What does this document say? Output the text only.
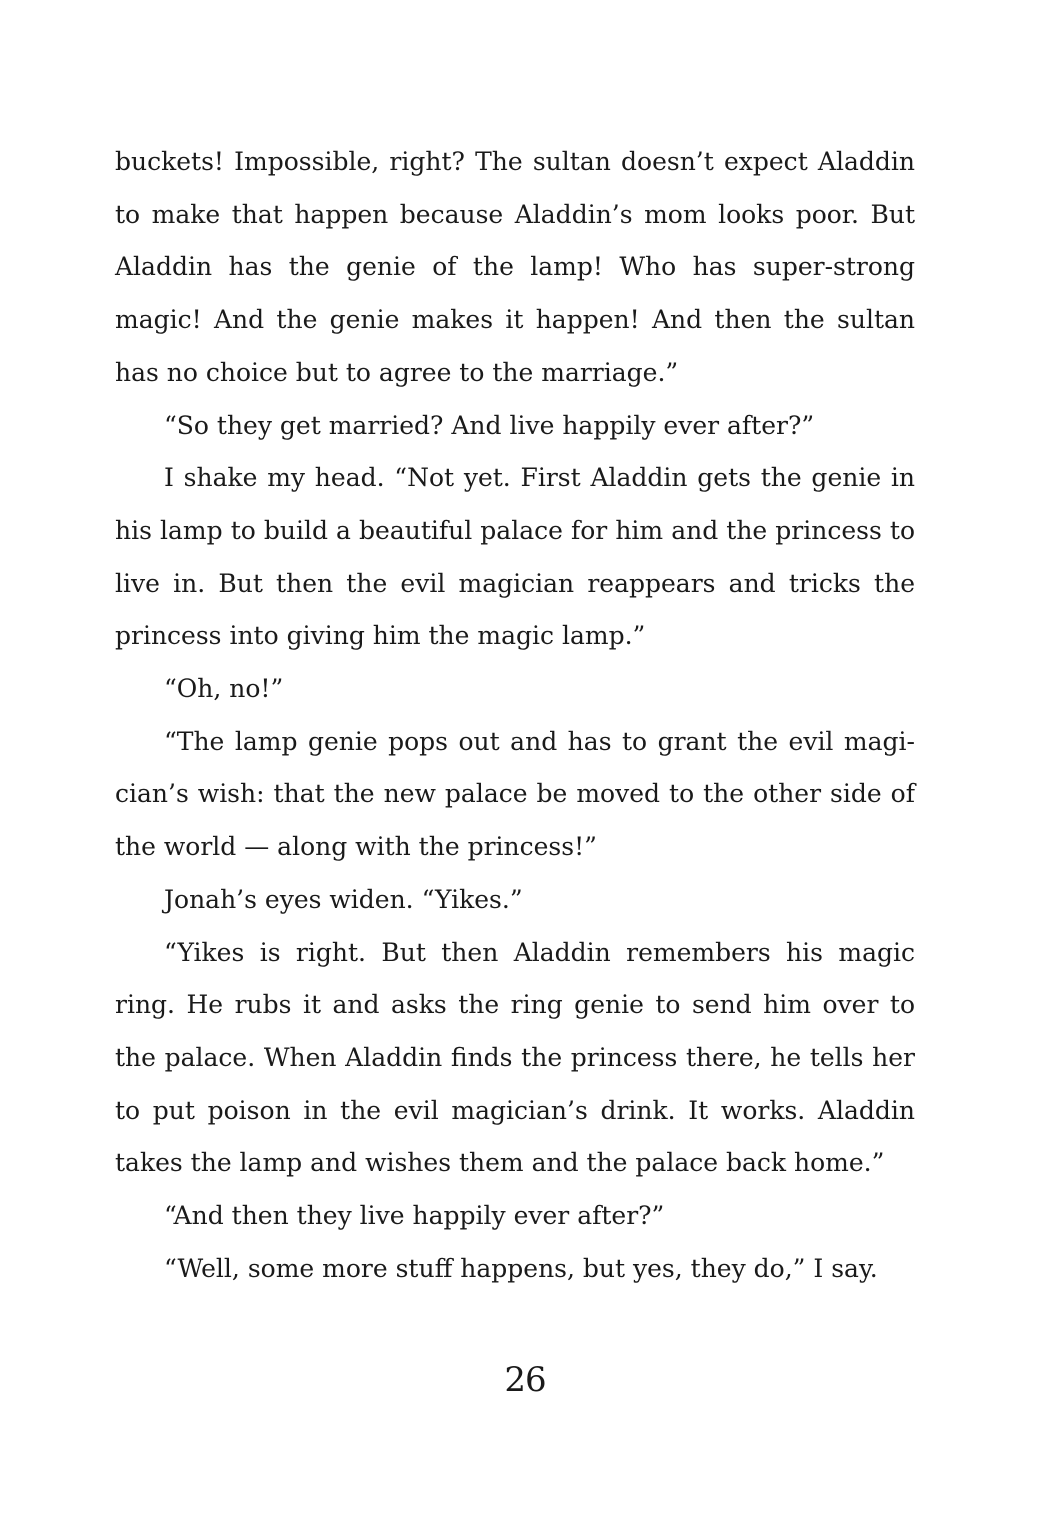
buckets! Impossible, right? The sultan doesn’t expect Aladdin to make that happen because Aladdin’s mom looks poor. But Aladdin has the genie of the lamp! Who has super-strong magic! And the genie makes it happen! And then the sultan has no choice but to agree to the marriage.”

“So they get married? And live happily ever after?”

I shake my head. “Not yet. First Aladdin gets the genie in his lamp to build a beautiful palace for him and the princess to live in. But then the evil magician reappears and tricks the princess into giving him the magic lamp.”

“Oh, no!”

“The lamp genie pops out and has to grant the evil magician’s wish: that the new palace be moved to the other side of the world — along with the princess!”

Jonah’s eyes widen. “Yikes.”

“Yikes is right. But then Aladdin remembers his magic ring. He rubs it and asks the ring genie to send him over to the palace. When Aladdin finds the princess there, he tells her to put poison in the evil magician’s drink. It works. Aladdin takes the lamp and wishes them and the palace back home.”

“And then they live happily ever after?”

“Well, some more stuff happens, but yes, they do,” I say.

26
